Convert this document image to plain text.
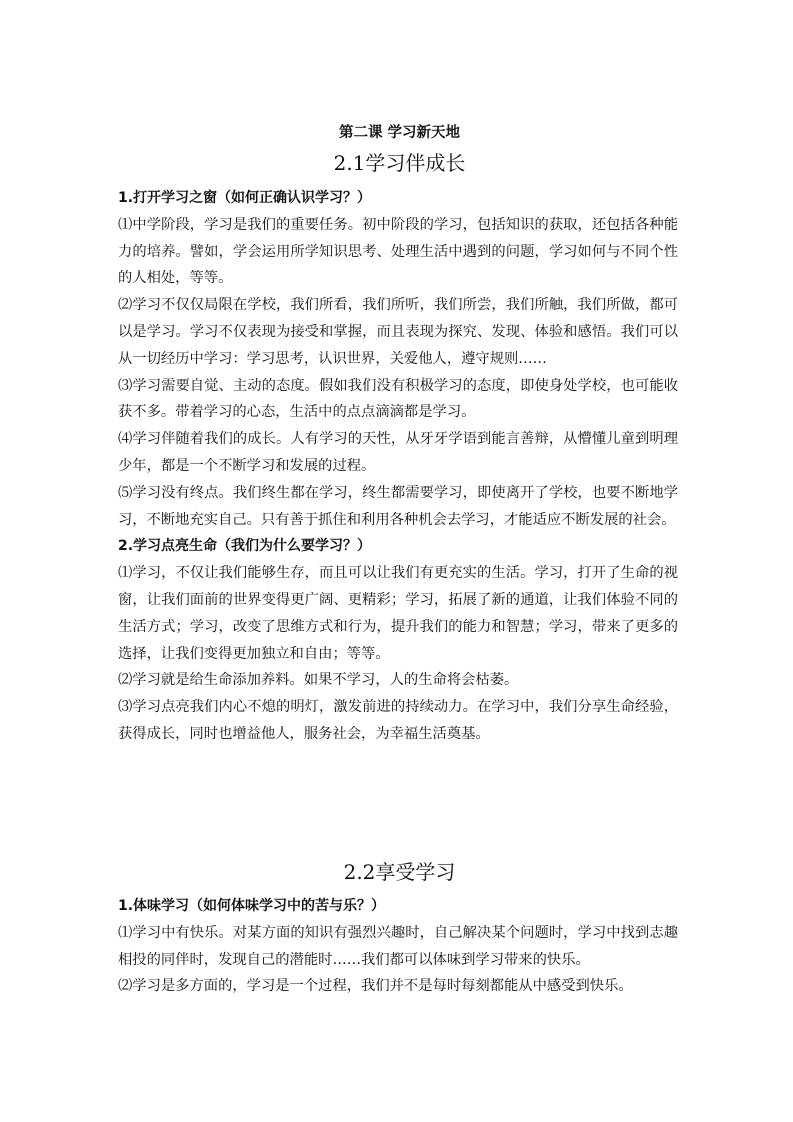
第二课 学习新天地
2.1学习伴成长

1.打开学习之窗（如何正确认识学习？）

⑴中学阶段，学习是我们的重要任务。初中阶段的学习，包括知识的获取，还包括各种能力的培养。譬如，学会运用所学知识思考、处理生活中遇到的问题，学习如何与不同个性的人相处，等等。

⑵学习不仅仅局限在学校，我们所看，我们所听，我们所尝，我们所触，我们所做，都可以是学习。学习不仅表现为接受和掌握，而且表现为探究、发现、体验和感悟。我们可以从一切经历中学习：学习思考，认识世界，关爱他人，遵守规则……

⑶学习需要自觉、主动的态度。假如我们没有积极学习的态度，即使身处学校，也可能收获不多。带着学习的心态，生活中的点点滴滴都是学习。

⑷学习伴随着我们的成长。人有学习的天性，从牙牙学语到能言善辩，从懵懂儿童到明理少年，都是一个不断学习和发展的过程。

⑸学习没有终点。我们终生都在学习，终生都需要学习，即使离开了学校，也要不断地学习，不断地充实自己。只有善于抓住和利用各种机会去学习，才能适应不断发展的社会。

2.学习点亮生命（我们为什么要学习？）

⑴学习，不仅让我们能够生存，而且可以让我们有更充实的生活。学习，打开了生命的视窗，让我们面前的世界变得更广阔、更精彩；学习，拓展了新的通道，让我们体验不同的生活方式；学习，改变了思维方式和行为，提升我们的能力和智慧；学习，带来了更多的选择，让我们变得更加独立和自由；等等。

⑵学习就是给生命添加养料。如果不学习，人的生命将会枯萎。

⑶学习点亮我们内心不熄的明灯，激发前进的持续动力。在学习中，我们分享生命经验，获得成长，同时也增益他人，服务社会，为幸福生活奠基。

2.2享受学习

1.体味学习（如何体味学习中的苦与乐？）

⑴学习中有快乐。对某方面的知识有强烈兴趣时，自己解决某个问题时，学习中找到志趣相投的同伴时，发现自己的潜能时……我们都可以体味到学习带来的快乐。

⑵学习是多方面的，学习是一个过程，我们并不是每时每刻都能从中感受到快乐。
